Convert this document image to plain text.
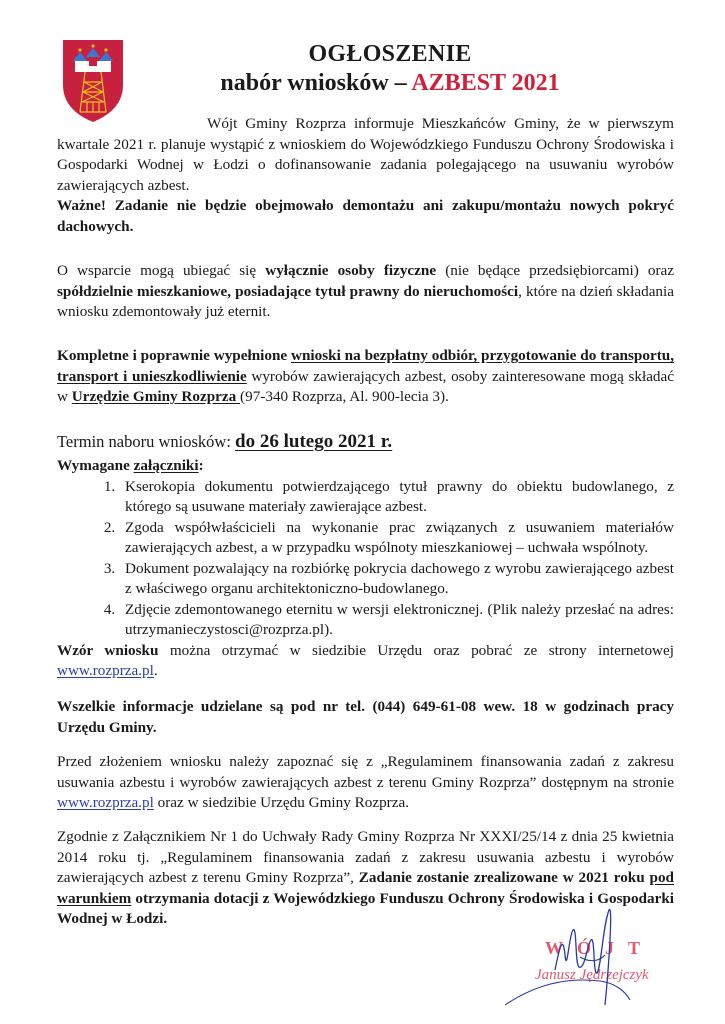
OGŁOSZENIE
nabór wniosków – AZBEST 2021
Wójt Gminy Rozprza informuje Mieszkańców Gminy, że w pierwszym kwartale 2021 r. planuje wystąpić z wnioskiem do Wojewódzkiego Funduszu Ochrony Środowiska i Gospodarki Wodnej w Łodzi o dofinansowanie zadania polegającego na usuwaniu wyrobów zawierających azbest.
Ważne! Zadanie nie będzie obejmowało demontażu ani zakupu/montażu nowych pokryć dachowych.
O wsparcie mogą ubiegać się wyłącznie osoby fizyczne (nie będące przedsiębiorcami) oraz spółdzielnie mieszkaniowe, posiadające tytuł prawny do nieruchomości, które na dzień składania wniosku zdemontowały już eternit.
Kompletne i poprawnie wypełnione wnioski na bezpłatny odbiór, przygotowanie do transportu, transport i unieszkodliwienie wyrobów zawierających azbest, osoby zainteresowane mogą składać w Urzędzie Gminy Rozprza (97-340 Rozprza, Al. 900-lecia 3).
Termin naboru wniosków: do 26 lutego 2021 r.
Wymagane załączniki:
1. Kserokopia dokumentu potwierdzającego tytuł prawny do obiektu budowlanego, z którego są usuwane materiały zawierające azbest.
2. Zgoda współwłaścicieli na wykonanie prac związanych z usuwaniem materiałów zawierających azbest, a w przypadku wspólnoty mieszkaniowej – uchwała wspólnoty.
3. Dokument pozwalający na rozbiórkę pokrycia dachowego z wyrobu zawierającego azbest z właściwego organu architektoniczno-budowlanego.
4. Zdjęcie zdemontowanego eternitu w wersji elektronicznej. (Plik należy przesłać na adres: utrzymanieczystosci@rozprza.pl).
Wzór wniosku można otrzymać w siedzibie Urzędu oraz pobrać ze strony internetowej www.rozprza.pl.
Wszelkie informacje udzielane są pod nr tel. (044) 649-61-08 wew. 18 w godzinach pracy Urzędu Gminy.
Przed złożeniem wniosku należy zapoznać się z „Regulaminem finansowania zadań z zakresu usuwania azbestu i wyrobów zawierających azbest z terenu Gminy Rozprza” dostępnym na stronie www.rozprza.pl oraz w siedzibie Urzędu Gminy Rozprza.
Zgodnie z Załącznikiem Nr 1 do Uchwały Rady Gminy Rozprza Nr XXXI/25/14 z dnia 25 kwietnia 2014 roku tj. „Regulaminem finansowania zadań z zakresu usuwania azbestu i wyrobów zawierających azbest z terenu Gminy Rozprza”, Zadanie zostanie zrealizowane w 2021 roku pod warunkiem otrzymania dotacji z Wojewódzkiego Funduszu Ochrony Środowiska i Gospodarki Wodnej w Łodzi.
WÓJT
Janusz Jędrzejczyk
